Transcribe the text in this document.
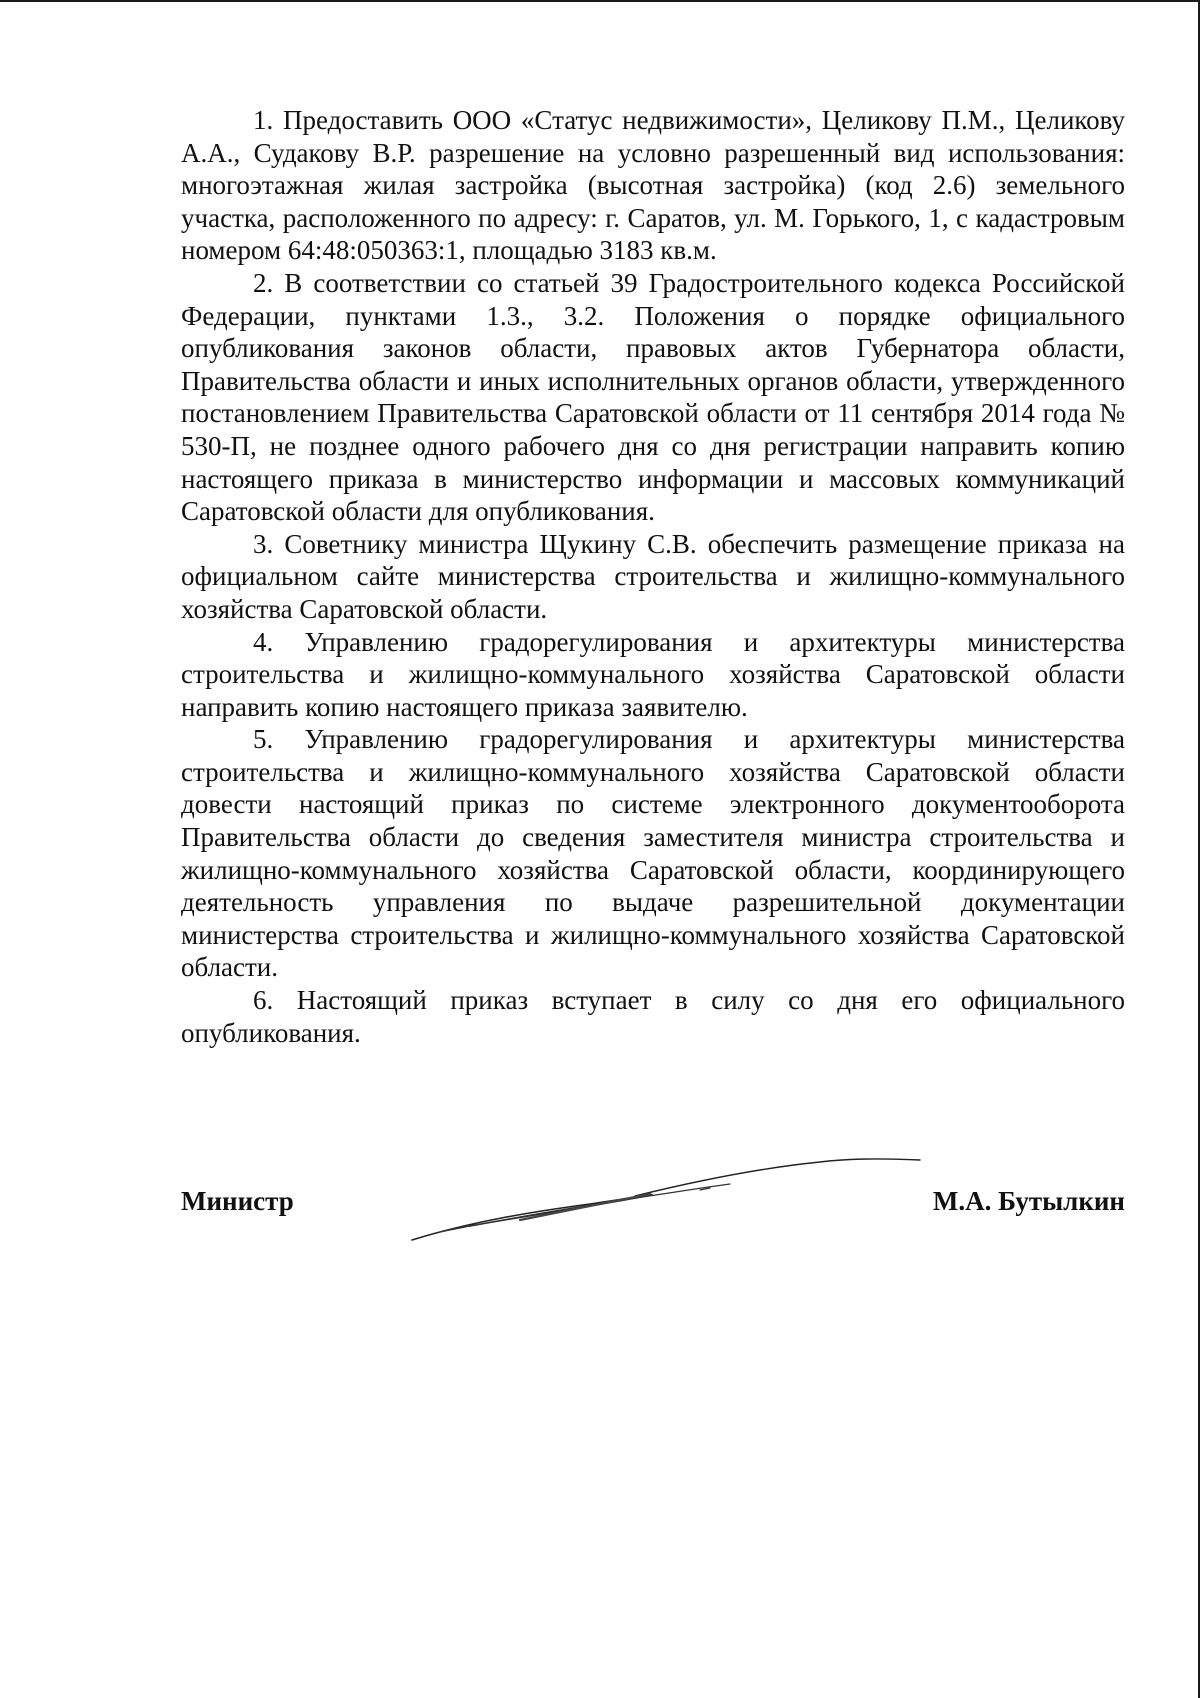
1. Предоставить ООО «Статус недвижимости», Целикову П.М., Целикову А.А., Судакову В.Р. разрешение на условно разрешенный вид использования: многоэтажная жилая застройка (высотная застройка) (код 2.6) земельного участка, расположенного по адресу: г. Саратов, ул. М. Горького, 1, с кадастровым номером 64:48:050363:1, площадью 3183 кв.м.

2. В соответствии со статьей 39 Градостроительного кодекса Российской Федерации, пунктами 1.3., 3.2. Положения о порядке официального опубликования законов области, правовых актов Губернатора области, Правительства области и иных исполнительных органов области, утвержденного постановлением Правительства Саратовской области от 11 сентября 2014 года № 530-П, не позднее одного рабочего дня со дня регистрации направить копию настоящего приказа в министерство информации и массовых коммуникаций Саратовской области для опубликования.

3. Советнику министра Щукину С.В. обеспечить размещение приказа на официальном сайте министерства строительства и жилищно-коммунального хозяйства Саратовской области.

4. Управлению градорегулирования и архитектуры министерства строительства и жилищно-коммунального хозяйства Саратовской области направить копию настоящего приказа заявителю.

5. Управлению градорегулирования и архитектуры министерства строительства и жилищно-коммунального хозяйства Саратовской области довести настоящий приказ по системе электронного документооборота Правительства области до сведения заместителя министра строительства и жилищно-коммунального хозяйства Саратовской области, координирующего деятельность управления по выдаче разрешительной документации министерства строительства и жилищно-коммунального хозяйства Саратовской области.

6. Настоящий приказ вступает в силу со дня его официального опубликования.

Министр	М.А. Бутылкин
